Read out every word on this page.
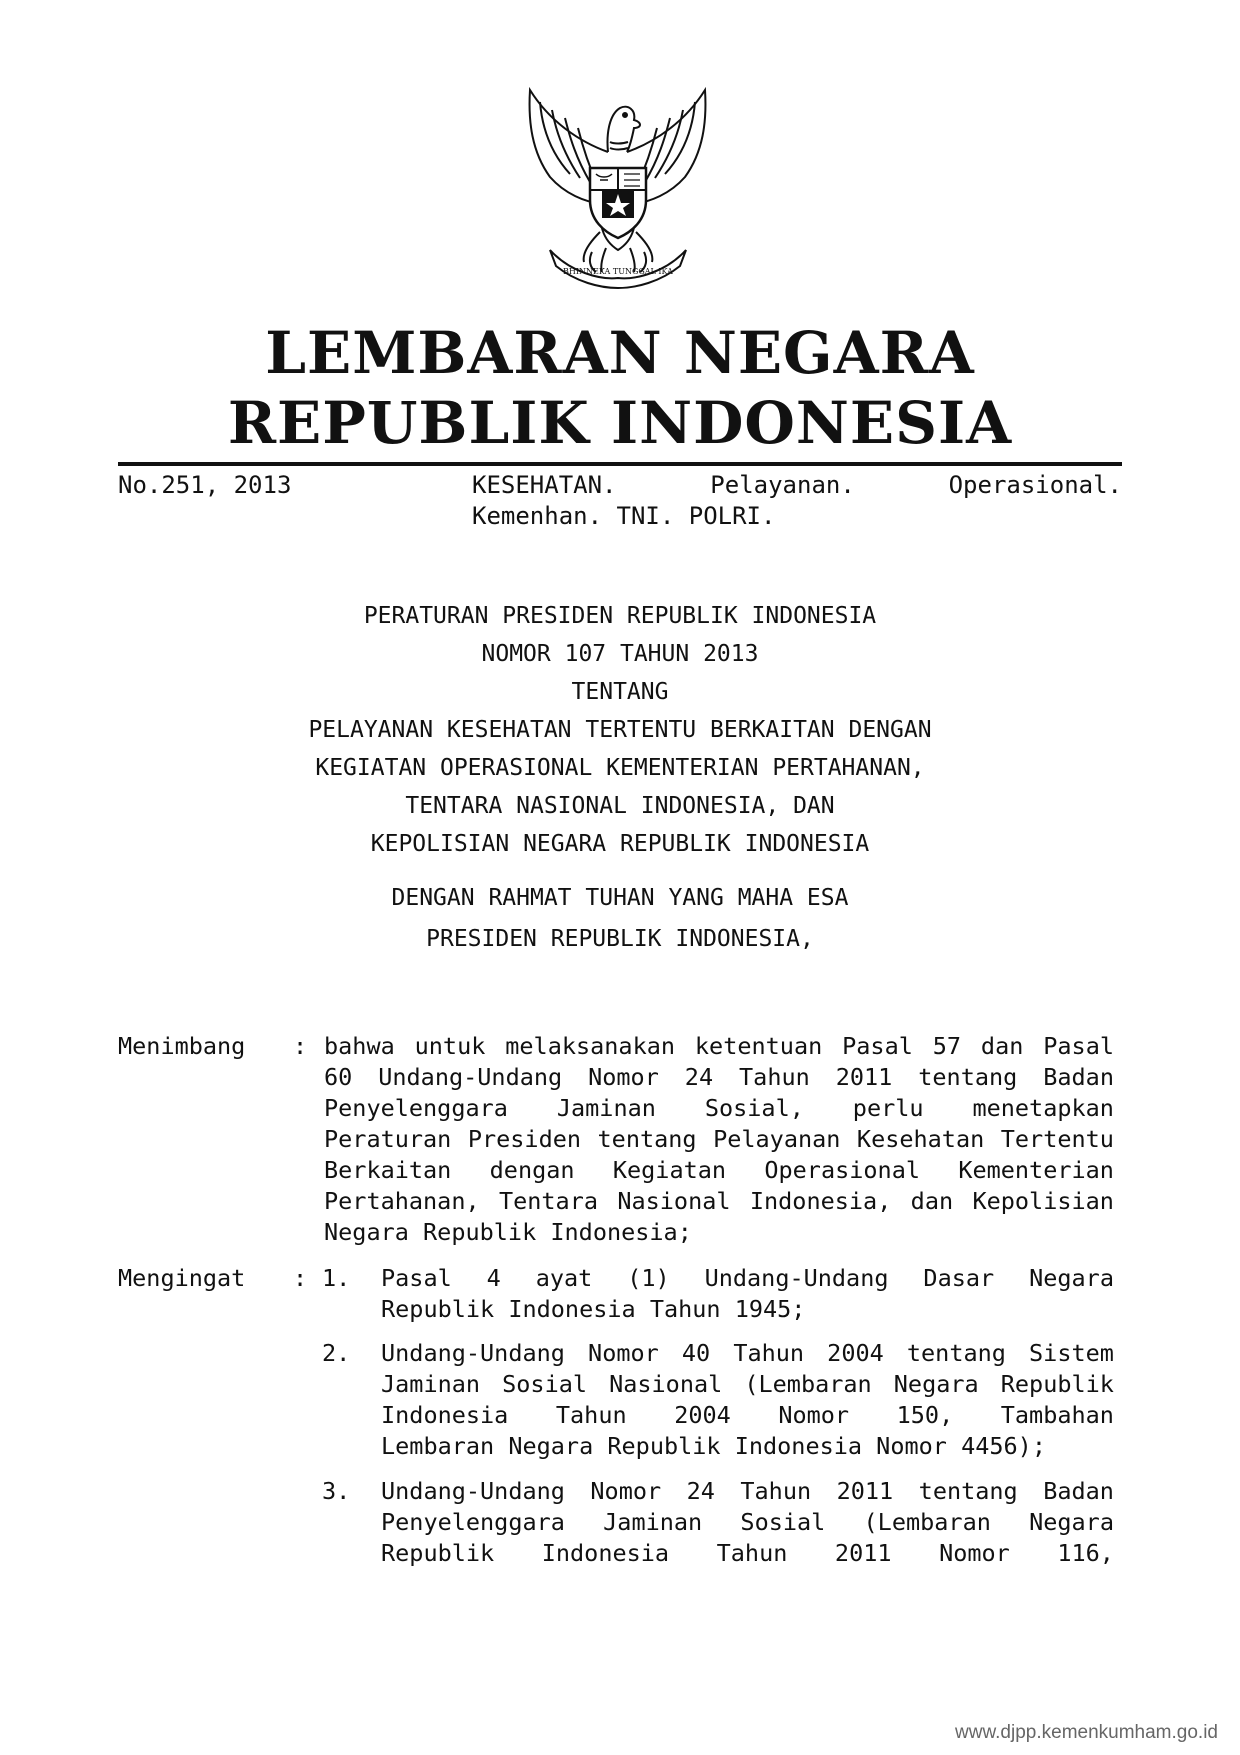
BHINNEKA TUNGGAL IKA
LEMBARAN NEGARA
REPUBLIK INDONESIA
No.251, 2013	KESEHATAN.	Pelayanan.	Operasional.
Kemenhan. TNI. POLRI.
PERATURAN PRESIDEN REPUBLIK INDONESIA
NOMOR 107 TAHUN 2013
TENTANG
PELAYANAN KESEHATAN TERTENTU BERKAITAN DENGAN
KEGIATAN OPERASIONAL KEMENTERIAN PERTAHANAN,
TENTARA NASIONAL INDONESIA, DAN
KEPOLISIAN NEGARA REPUBLIK INDONESIA
DENGAN RAHMAT TUHAN YANG MAHA ESA
PRESIDEN REPUBLIK INDONESIA,
Menimbang : bahwa untuk melaksanakan ketentuan Pasal 57 dan Pasal
60 Undang-Undang Nomor 24 Tahun 2011 tentang Badan
Penyelenggara Jaminan Sosial, perlu menetapkan
Peraturan Presiden tentang Pelayanan Kesehatan Tertentu
Berkaitan dengan Kegiatan Operasional Kementerian
Pertahanan, Tentara Nasional Indonesia, dan Kepolisian
Negara Republik Indonesia;
Mengingat : 1. Pasal 4 ayat (1) Undang-Undang Dasar Negara
Republik Indonesia Tahun 1945;
2. Undang-Undang Nomor 40 Tahun 2004 tentang Sistem
Jaminan Sosial Nasional (Lembaran Negara Republik
Indonesia Tahun 2004 Nomor 150, Tambahan
Lembaran Negara Republik Indonesia Nomor 4456);
3. Undang-Undang Nomor 24 Tahun 2011 tentang Badan
Penyelenggara Jaminan Sosial (Lembaran Negara
Republik Indonesia Tahun 2011 Nomor 116,
www.djpp.kemenkumham.go.id
